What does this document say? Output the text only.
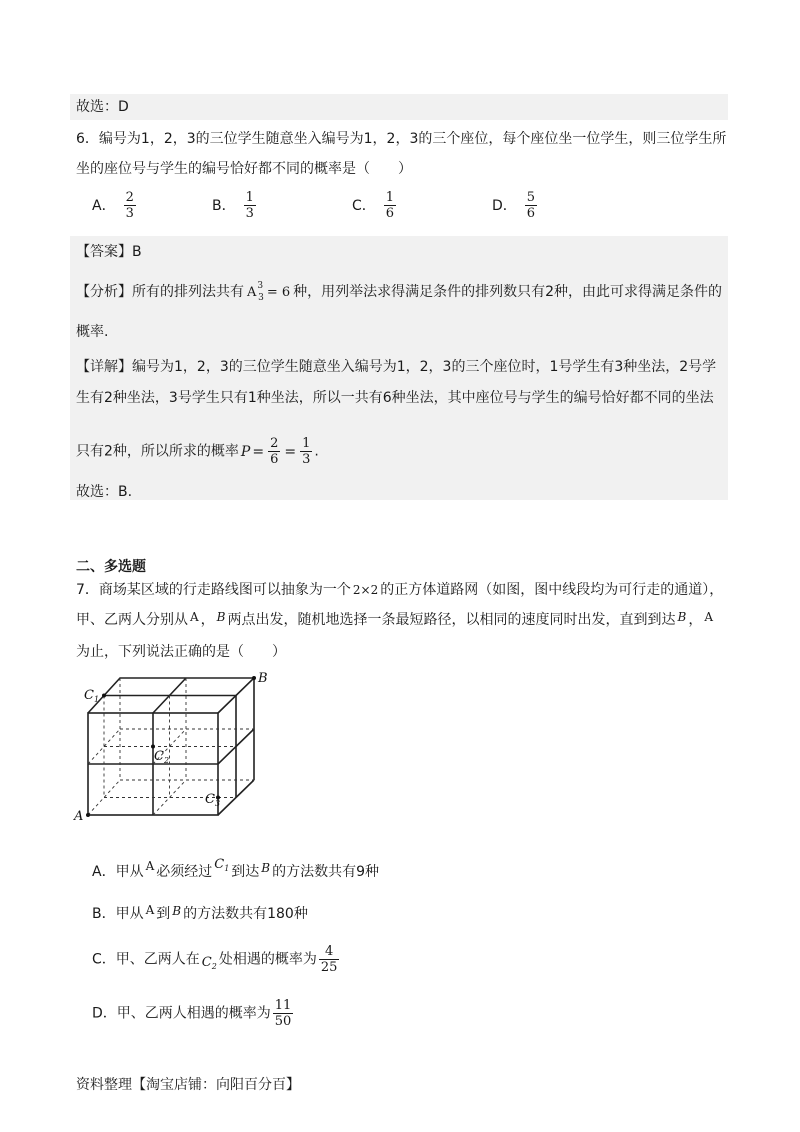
故选：D
6．编号为1，2，3的三位学生随意坐入编号为1，2，3的三个座位，每个座位坐一位学生，则三位学生所
坐的座位号与学生的编号恰好都不同的概率是（　　）
A． $\frac{2}{3}$	B． $\frac{1}{3}$	C． $\frac{1}{6}$	D． $\frac{5}{6}$
【答案】B
【分析】所有的排列法共有 $A^3_3 = 6$ 种，用列举法求得满足条件的排列数只有2种，由此可求得满足条件的
概率.
【详解】编号为1，2，3的三位学生随意坐入编号为1，2，3的三个座位时，1号学生有3种坐法，2号学
生有2种坐法，3号学生只有1种坐法，所以一共有6种坐法，其中座位号与学生的编号恰好都不同的坐法
只有2种，所以所求的概率 $P = \frac{2}{6} = \frac{1}{3}$ .
故选：B.
二、多选题
7．商场某区域的行走路线图可以抽象为一个 2×2 的正方体道路网（如图，图中线段均为可行走的通道），
甲、乙两人分别从 A ， B 两点出发，随机地选择一条最短路径，以相同的速度同时出发，直到到达 B ， A
为止，下列说法正确的是（　　）
$C_1$
$C_2$
$C_3$
A
B
A．甲从 A 必须经过 $C_1$ 到达 B 的方法数共有9种
B．甲从 A 到 B 的方法数共有180种
C．甲、乙两人在 $C_2$ 处相遇的概率为 $\frac{4}{25}$
D．甲、乙两人相遇的概率为 $\frac{11}{50}$
资料整理【淘宝店铺：向阳百分百】
